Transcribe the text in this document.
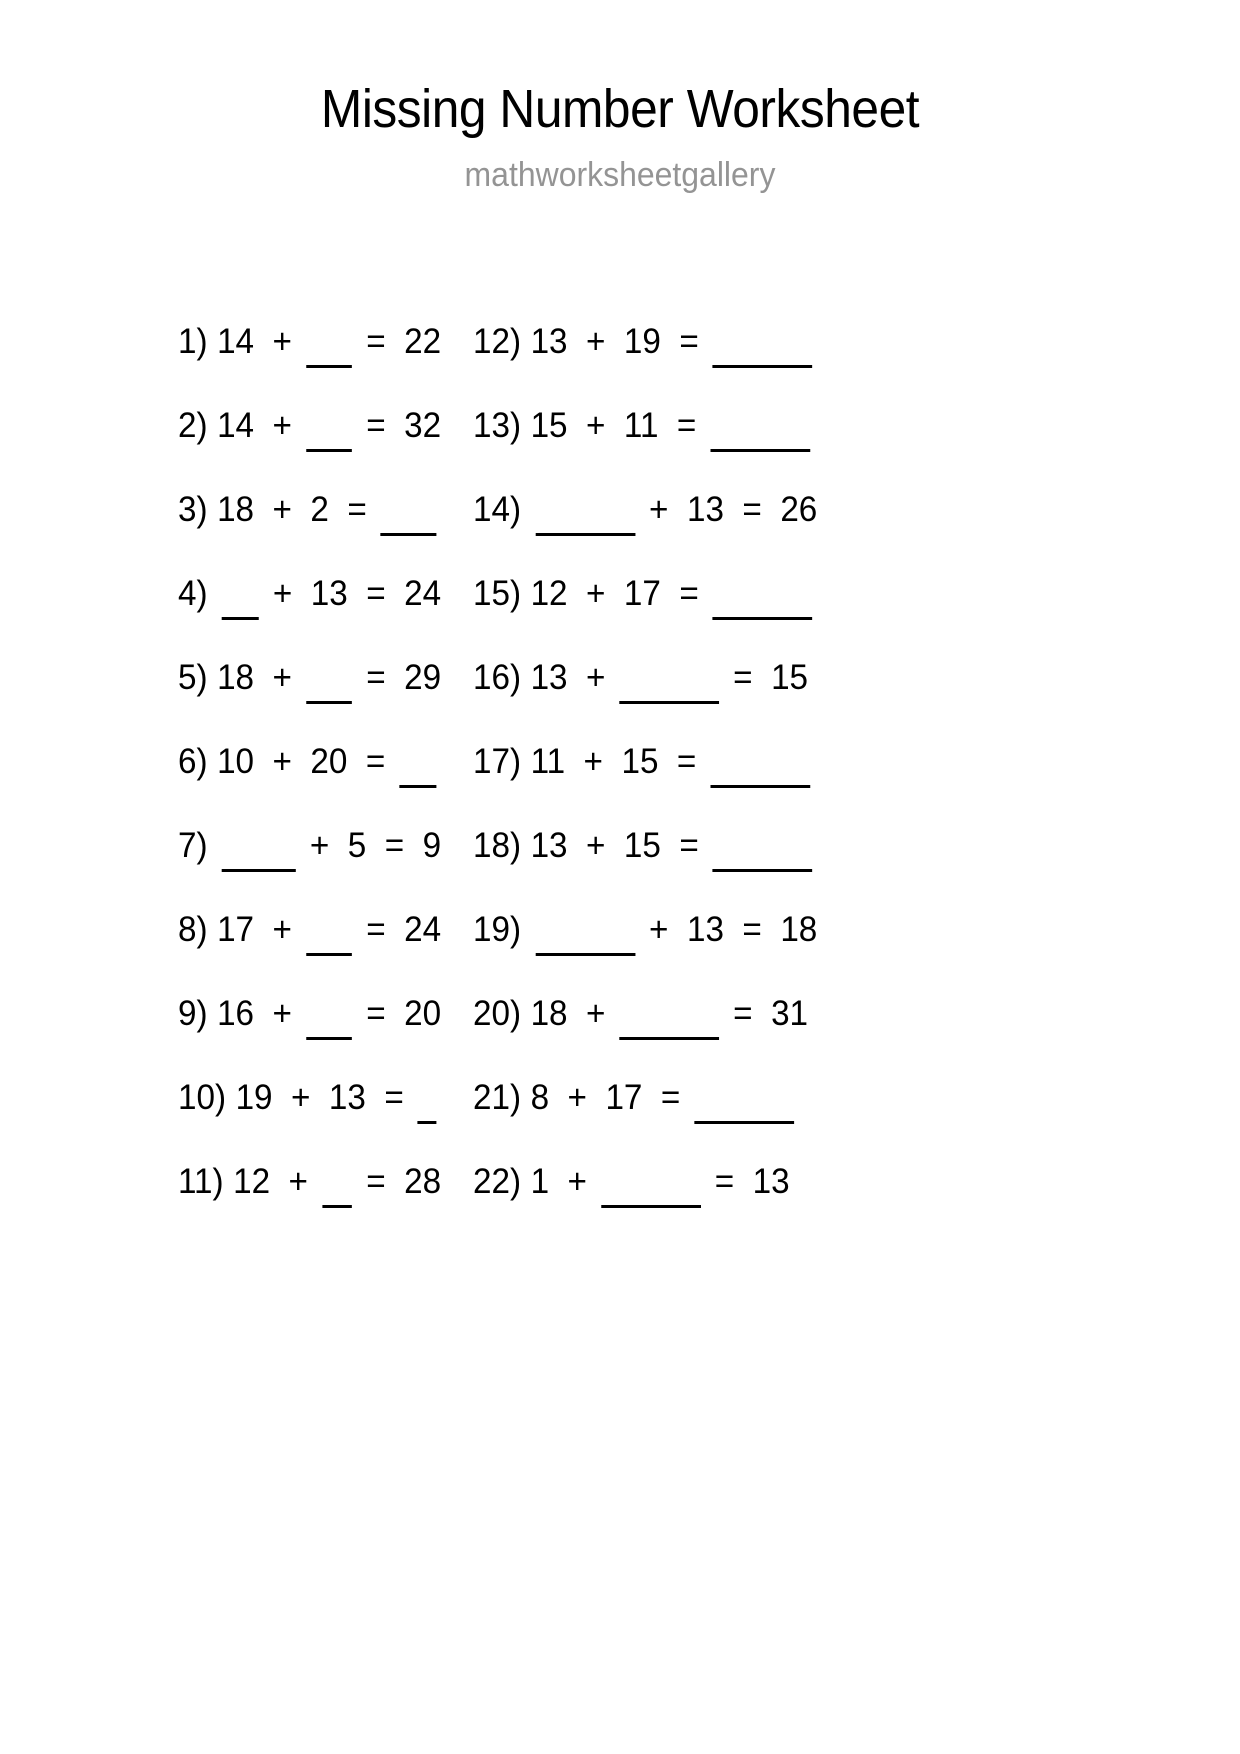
Missing Number Worksheet
mathworksheetgallery
1) 14 + = 22
2) 14 + = 32
3) 18 + 2 =
4) + 13 = 24
5) 18 + = 29
6) 10 + 20 =
7)	+ 5 = 9
8) 17 + = 24
9) 16 + = 20
10) 19 + 13 =
11) 12 + = 28
12) 13 + 19 =
13) 15 + 11 =
14)	+ 13 = 26
15) 12 + 17 =
16) 13 +	= 15
17) 11 + 15 =
18) 13 + 15 =
19)	+ 13 = 18
20) 18 +	= 31
21) 8 + 17 =
22) 1 +	= 13
